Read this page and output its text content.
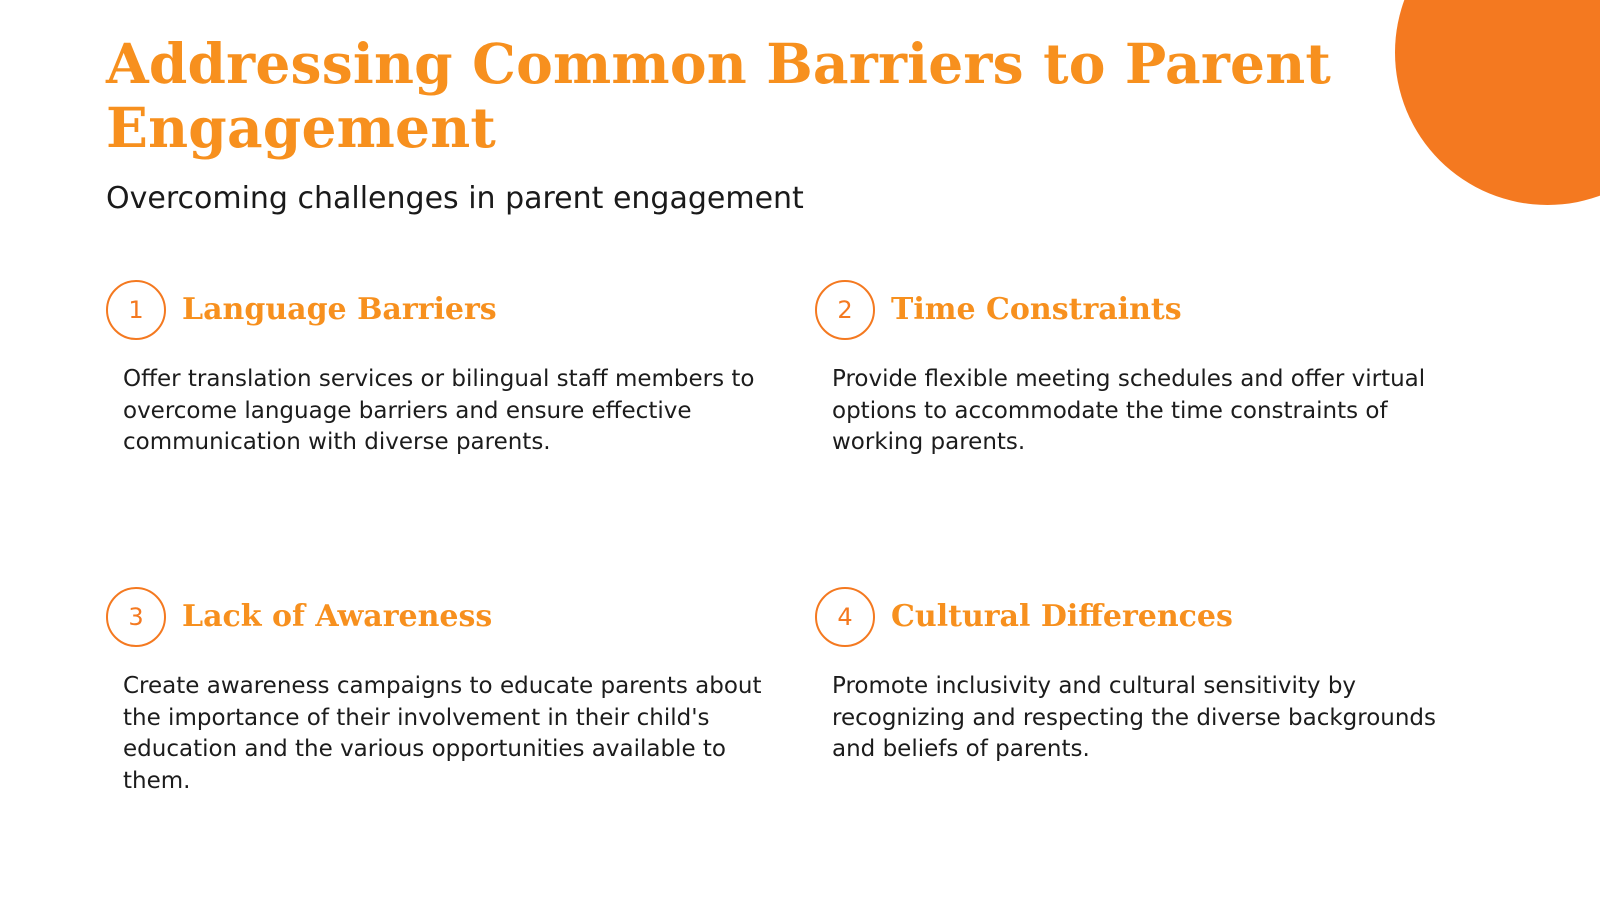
Addressing Common Barriers to Parent Engagement

Overcoming challenges in parent engagement

1	Language Barriers

Offer translation services or bilingual staff members to overcome language barriers and ensure effective communication with diverse parents.

2	Time Constraints

Provide flexible meeting schedules and offer virtual options to accommodate the time constraints of working parents.

3	Lack of Awareness

Create awareness campaigns to educate parents about the importance of their involvement in their child's education and the various opportunities available to them.

4	Cultural Differences

Promote inclusivity and cultural sensitivity by recognizing and respecting the diverse backgrounds and beliefs of parents.
